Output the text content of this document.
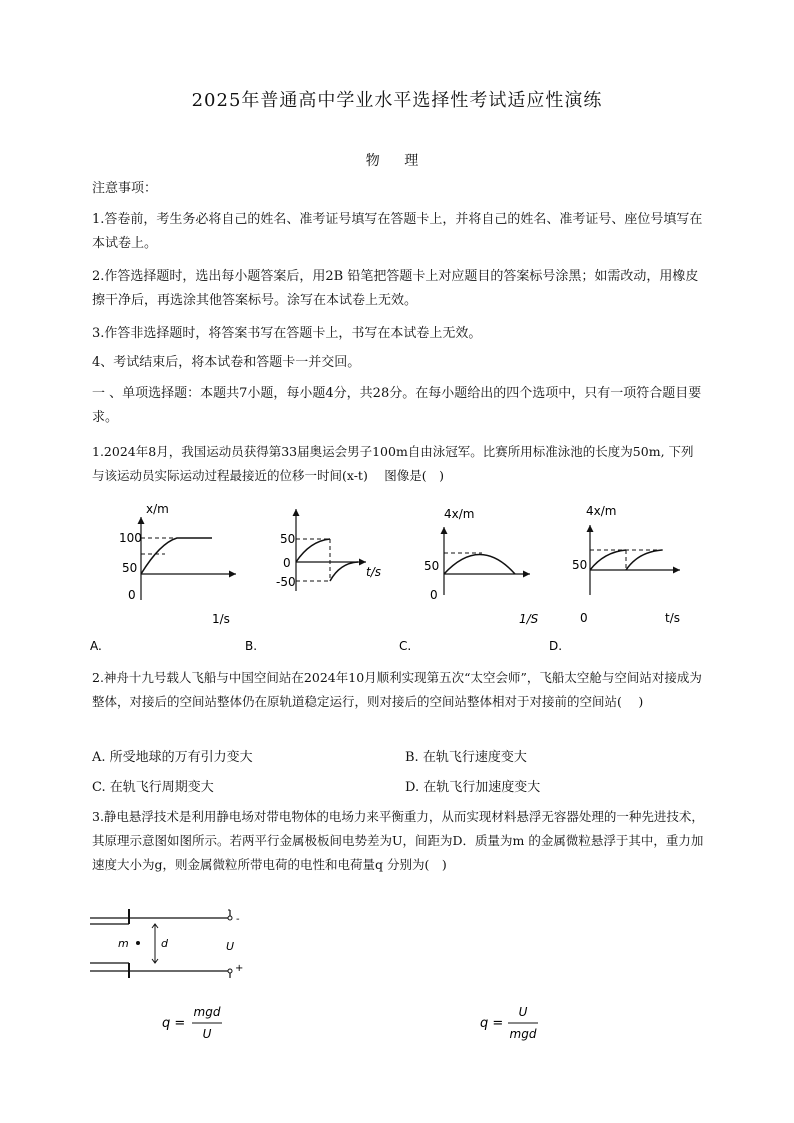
2025年普通高中学业水平选择性考试适应性演练
物 理
注意事项：
1.答卷前，考生务必将自己的姓名、准考证号填写在答题卡上，并将自己的姓名、准考证号、座位号填写在本试卷上。
2.作答选择题时，选出每小题答案后，用2B 铅笔把答题卡上对应题目的答案标号涂黑；如需改动，用橡皮擦干净后，再选涂其他答案标号。涂写在本试卷上无效。
3.作答非选择题时，将答案书写在答题卡上，书写在本试卷上无效。
4、考试结束后，将本试卷和答题卡一并交回。
一 、单项选择题：本题共7小题，每小题4分，共28分。在每小题给出的四个选项中，只有一项符合题目要求。
1.2024年8月，我国运动员获得第33届奥运会男子100m自由泳冠军。比赛所用标准泳池的长度为50m, 下列与该运动员实际运动过程最接近的位移一时间(x-t)　 图像是(　)
x/m
100
50
0
1/s
A.
50
0
-50
t/s
B.
4x/m
50
0
1/S
C.
4x/m
50
0	t/s
D.
2.神舟十九号载人飞船与中国空间站在2024年10月顺利实现第五次“太空会师”，飞船太空舱与空间站对接成为整体，对接后的空间站整体仍在原轨道稳定运行，则对接后的空间站整体相对于对接前的空间站(　 )
A. 所受地球的万有引力变大	B. 在轨飞行速度变大
C. 在轨飞行周期变大	D. 在轨飞行加速度变大
3.静电悬浮技术是利用静电场对带电物体的电场力来平衡重力，从而实现材料悬浮无容器处理的一种先进技术，其原理示意图如图所示。若两平行金属极板间电势差为U，间距为D．质量为m 的金属微粒悬浮于其中，重力加速度大小为g，则金属微粒所带电荷的电性和电荷量q 分别为(　)
m	d	U
-
+
q =
mgd
U
q =
U
mgd
